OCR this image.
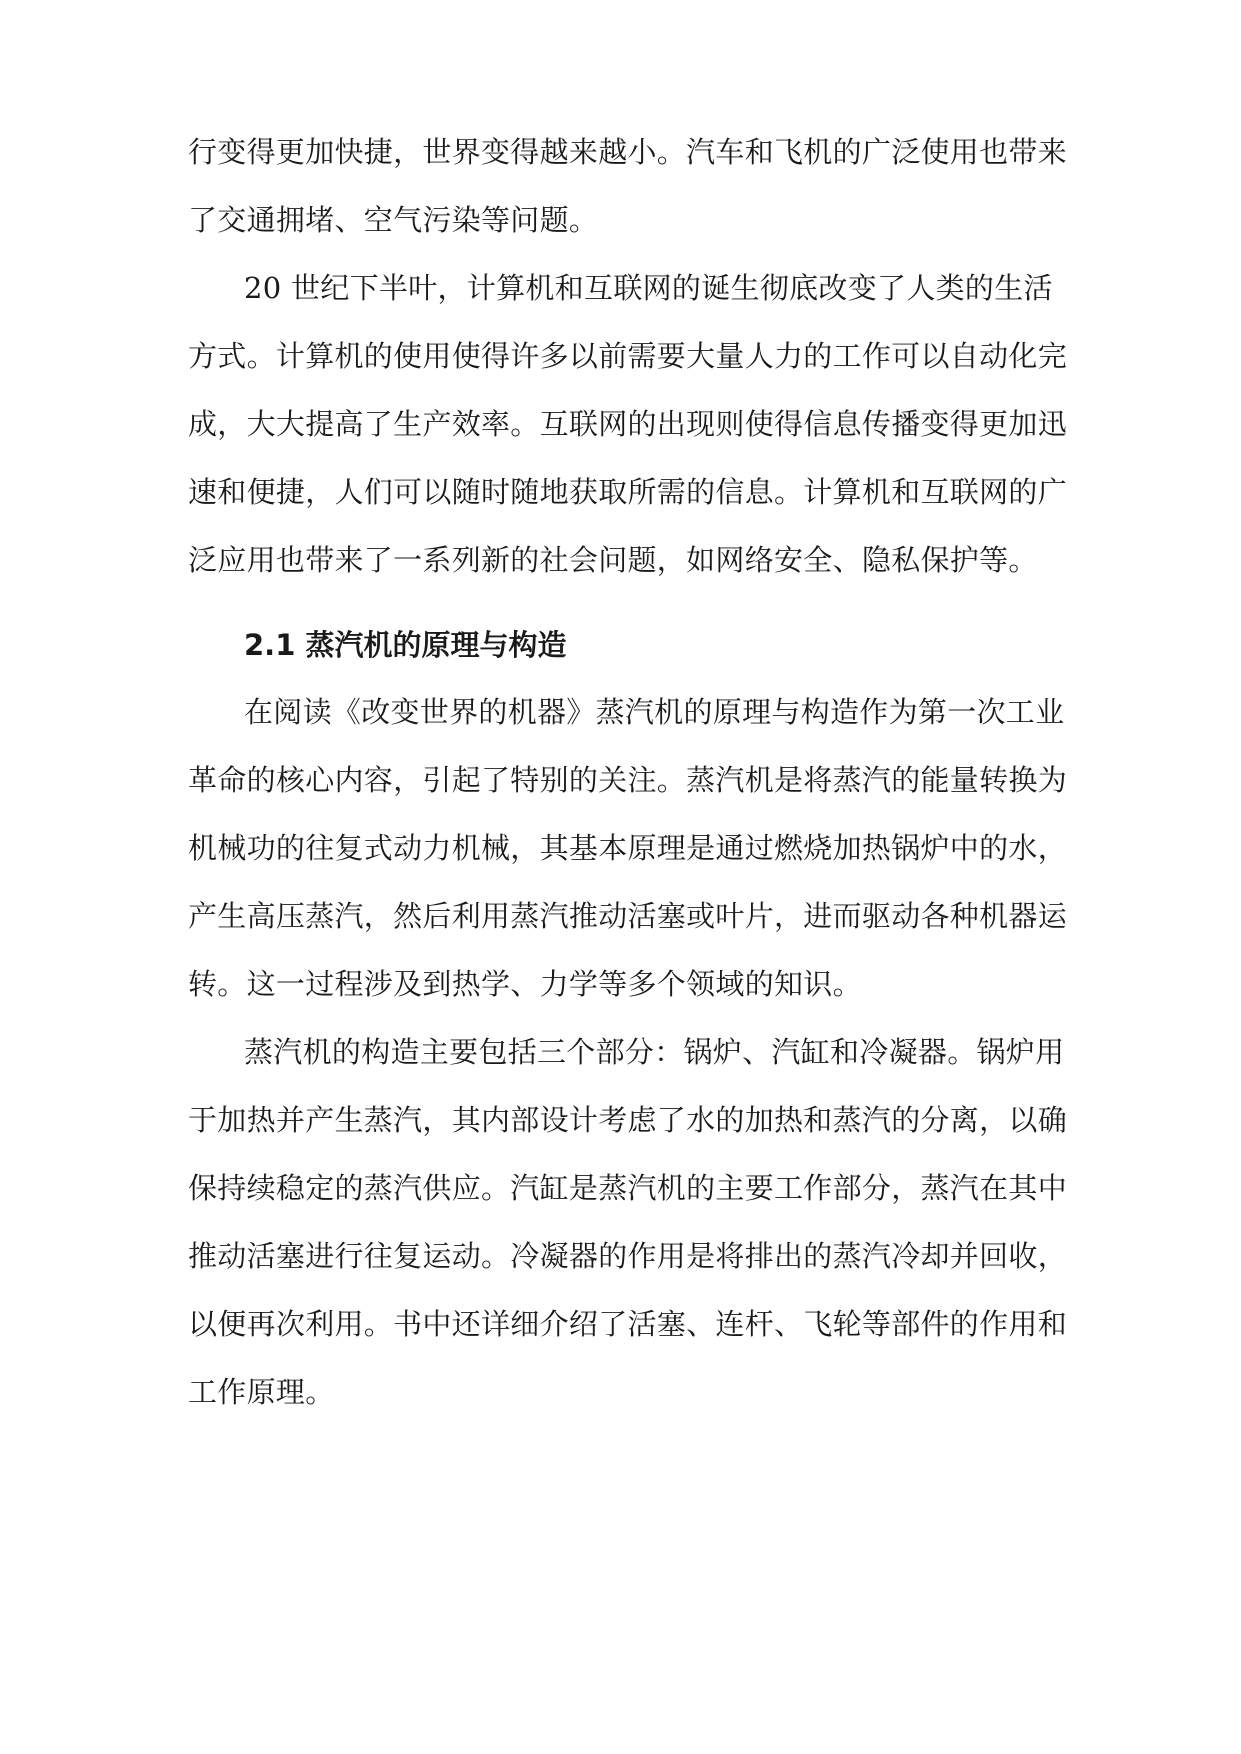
行变得更加快捷，世界变得越来越小。汽车和飞机的广泛使用也带来
了交通拥堵、空气污染等问题。
20 世纪下半叶，计算机和互联网的诞生彻底改变了人类的生活
方式。计算机的使用使得许多以前需要大量人力的工作可以自动化完
成，大大提高了生产效率。互联网的出现则使得信息传播变得更加迅
速和便捷，人们可以随时随地获取所需的信息。计算机和互联网的广
泛应用也带来了一系列新的社会问题，如网络安全、隐私保护等。
2.1 蒸汽机的原理与构造
在阅读《改变世界的机器》蒸汽机的原理与构造作为第一次工业
革命的核心内容，引起了特别的关注。蒸汽机是将蒸汽的能量转换为
机械功的往复式动力机械，其基本原理是通过燃烧加热锅炉中的水，
产生高压蒸汽，然后利用蒸汽推动活塞或叶片，进而驱动各种机器运
转。这一过程涉及到热学、力学等多个领域的知识。
蒸汽机的构造主要包括三个部分：锅炉、汽缸和冷凝器。锅炉用
于加热并产生蒸汽，其内部设计考虑了水的加热和蒸汽的分离，以确
保持续稳定的蒸汽供应。汽缸是蒸汽机的主要工作部分，蒸汽在其中
推动活塞进行往复运动。冷凝器的作用是将排出的蒸汽冷却并回收，
以便再次利用。书中还详细介绍了活塞、连杆、飞轮等部件的作用和
工作原理。
